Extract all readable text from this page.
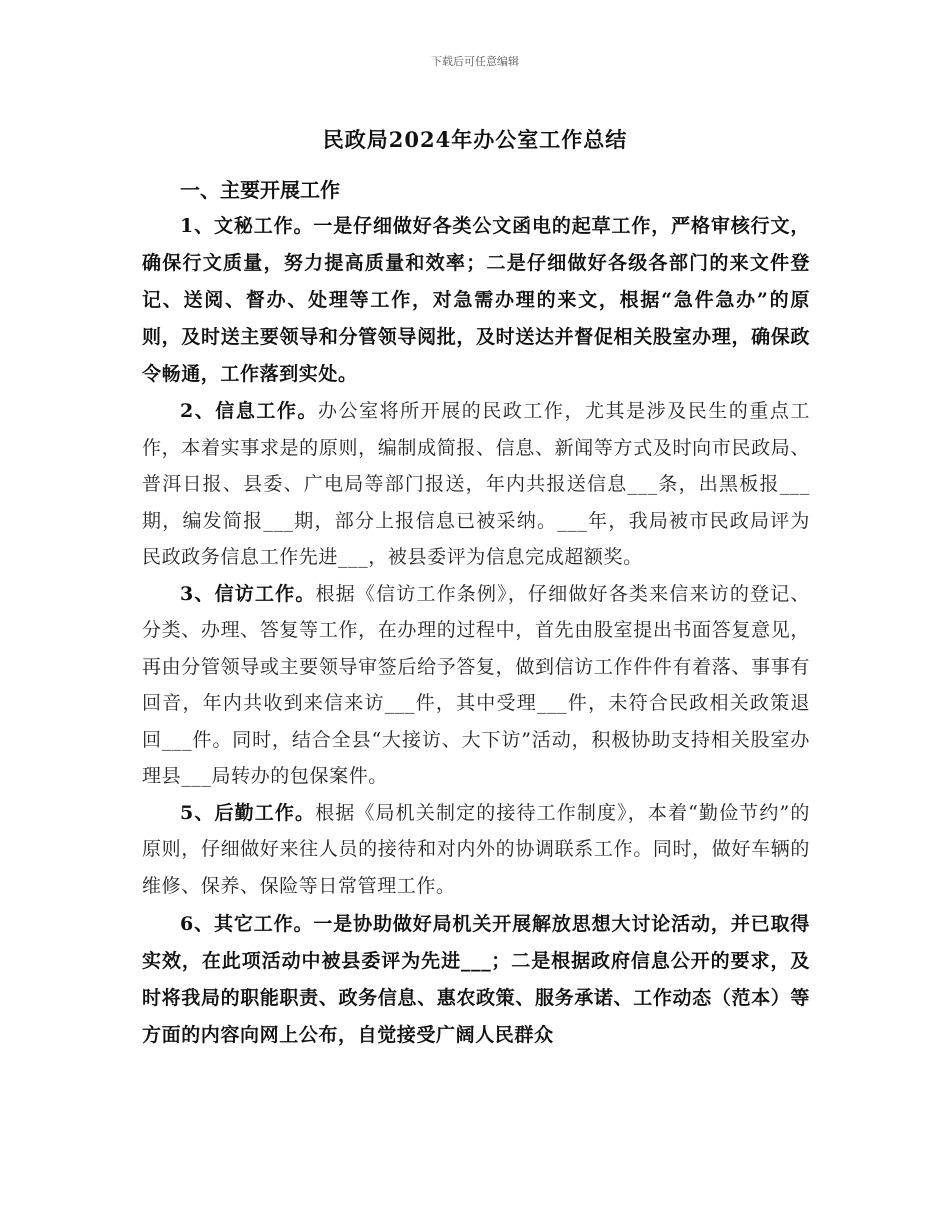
下载后可任意编辑
民政局2024年办公室工作总结

一、主要开展工作

1、文秘工作。一是仔细做好各类公文函电的起草工作，严格审核行文，确保行文质量，努力提高质量和效率；二是仔细做好各级各部门的来文件登记、送阅、督办、处理等工作，对急需办理的来文，根据“急件急办”的原则，及时送主要领导和分管领导阅批，及时送达并督促相关股室办理，确保政令畅通，工作落到实处。

2、信息工作。办公室将所开展的民政工作，尤其是涉及民生的重点工作，本着实事求是的原则，编制成简报、信息、新闻等方式及时向市民政局、普洱日报、县委、广电局等部门报送，年内共报送信息___条，出黑板报___期，编发简报___期，部分上报信息已被采纳。___年，我局被市民政局评为民政政务信息工作先进___，被县委评为信息完成超额奖。

3、信访工作。根据《信访工作条例》，仔细做好各类来信来访的登记、分类、办理、答复等工作，在办理的过程中，首先由股室提出书面答复意见，再由分管领导或主要领导审签后给予答复，做到信访工作件件有着落、事事有回音，年内共收到来信来访___件，其中受理___件，未符合民政相关政策退回___件。同时，结合全县“大接访、大下访”活动，积极协助支持相关股室办理县___局转办的包保案件。

5、后勤工作。根据《局机关制定的接待工作制度》，本着“勤俭节约”的原则，仔细做好来往人员的接待和对内外的协调联系工作。同时，做好车辆的维修、保养、保险等日常管理工作。

6、其它工作。一是协助做好局机关开展解放思想大讨论活动，并已取得实效，在此项活动中被县委评为先进___；二是根据政府信息公开的要求，及时将我局的职能职责、政务信息、惠农政策、服务承诺、工作动态（范本）等方面的内容向网上公布，自觉接受广阔人民群众
